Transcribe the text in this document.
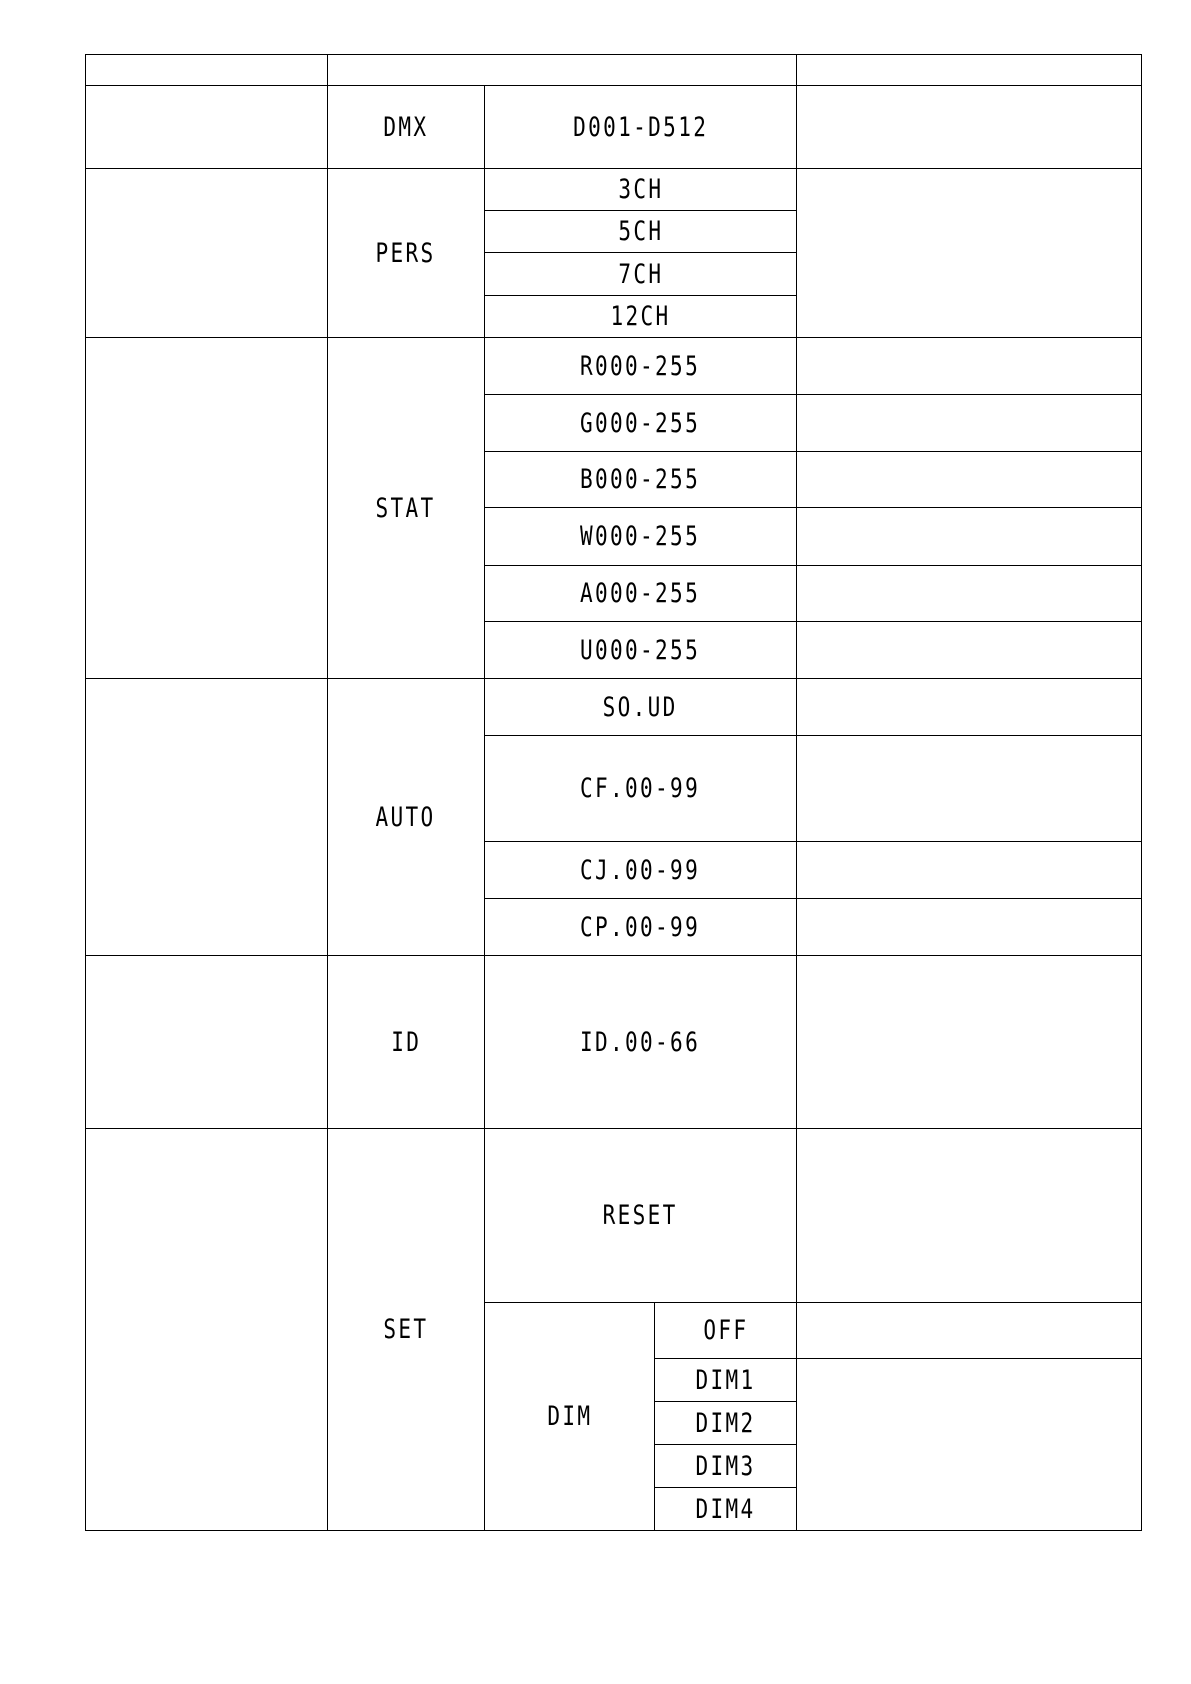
	DMX	D001-D512		
	PERS	3CH		
		5CH		
		7CH		
		12CH		
	STAT	R000-255		
		G000-255		
		B000-255		
		W000-255		
		A000-255		
		U000-255		
	AUTO	SO.UD		
		CF.00-99		
		CJ.00-99		
		CP.00-99		
	ID	ID.00-66		
	SET	RESET		
		DIM	OFF	
			DIM1	
			DIM2	
			DIM3	
			DIM4	
